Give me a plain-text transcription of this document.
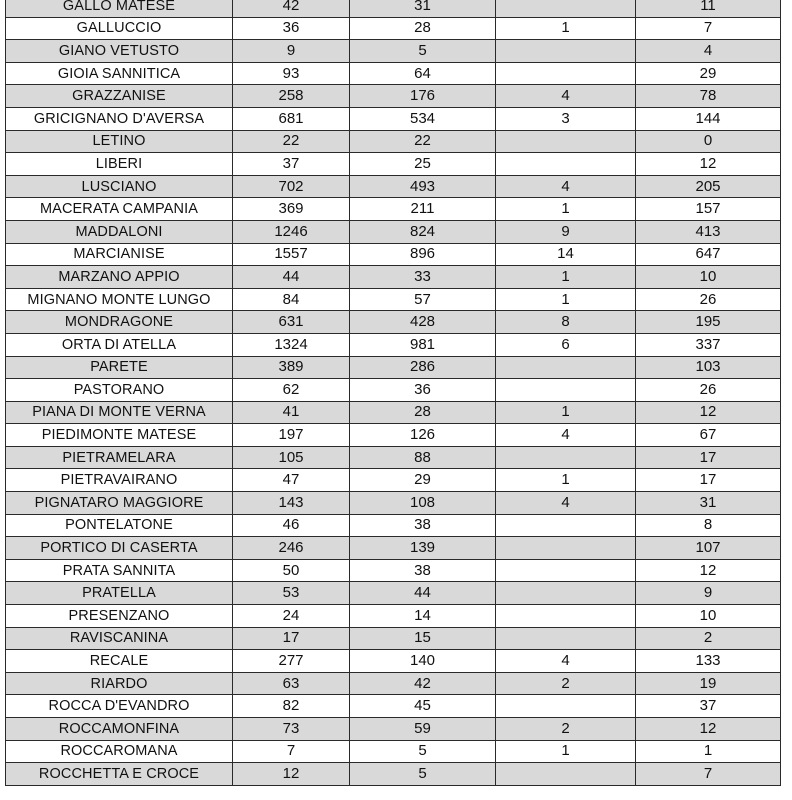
GALLO MATESE	42	31		11
GALLUCCIO	36	28	1	7
GIANO VETUSTO	9	5		4
GIOIA SANNITICA	93	64		29
GRAZZANISE	258	176	4	78
GRICIGNANO D'AVERSA	681	534	3	144
LETINO	22	22		0
LIBERI	37	25		12
LUSCIANO	702	493	4	205
MACERATA CAMPANIA	369	211	1	157
MADDALONI	1246	824	9	413
MARCIANISE	1557	896	14	647
MARZANO APPIO	44	33	1	10
MIGNANO MONTE LUNGO	84	57	1	26
MONDRAGONE	631	428	8	195
ORTA DI ATELLA	1324	981	6	337
PARETE	389	286		103
PASTORANO	62	36		26
PIANA DI MONTE VERNA	41	28	1	12
PIEDIMONTE MATESE	197	126	4	67
PIETRAMELARA	105	88		17
PIETRAVAIRANO	47	29	1	17
PIGNATARO MAGGIORE	143	108	4	31
PONTELATONE	46	38		8
PORTICO DI CASERTA	246	139		107
PRATA SANNITA	50	38		12
PRATELLA	53	44		9
PRESENZANO	24	14		10
RAVISCANINA	17	15		2
RECALE	277	140	4	133
RIARDO	63	42	2	19
ROCCA D'EVANDRO	82	45		37
ROCCAMONFINA	73	59	2	12
ROCCAROMANA	7	5	1	1
ROCCHETTA E CROCE	12	5		7
